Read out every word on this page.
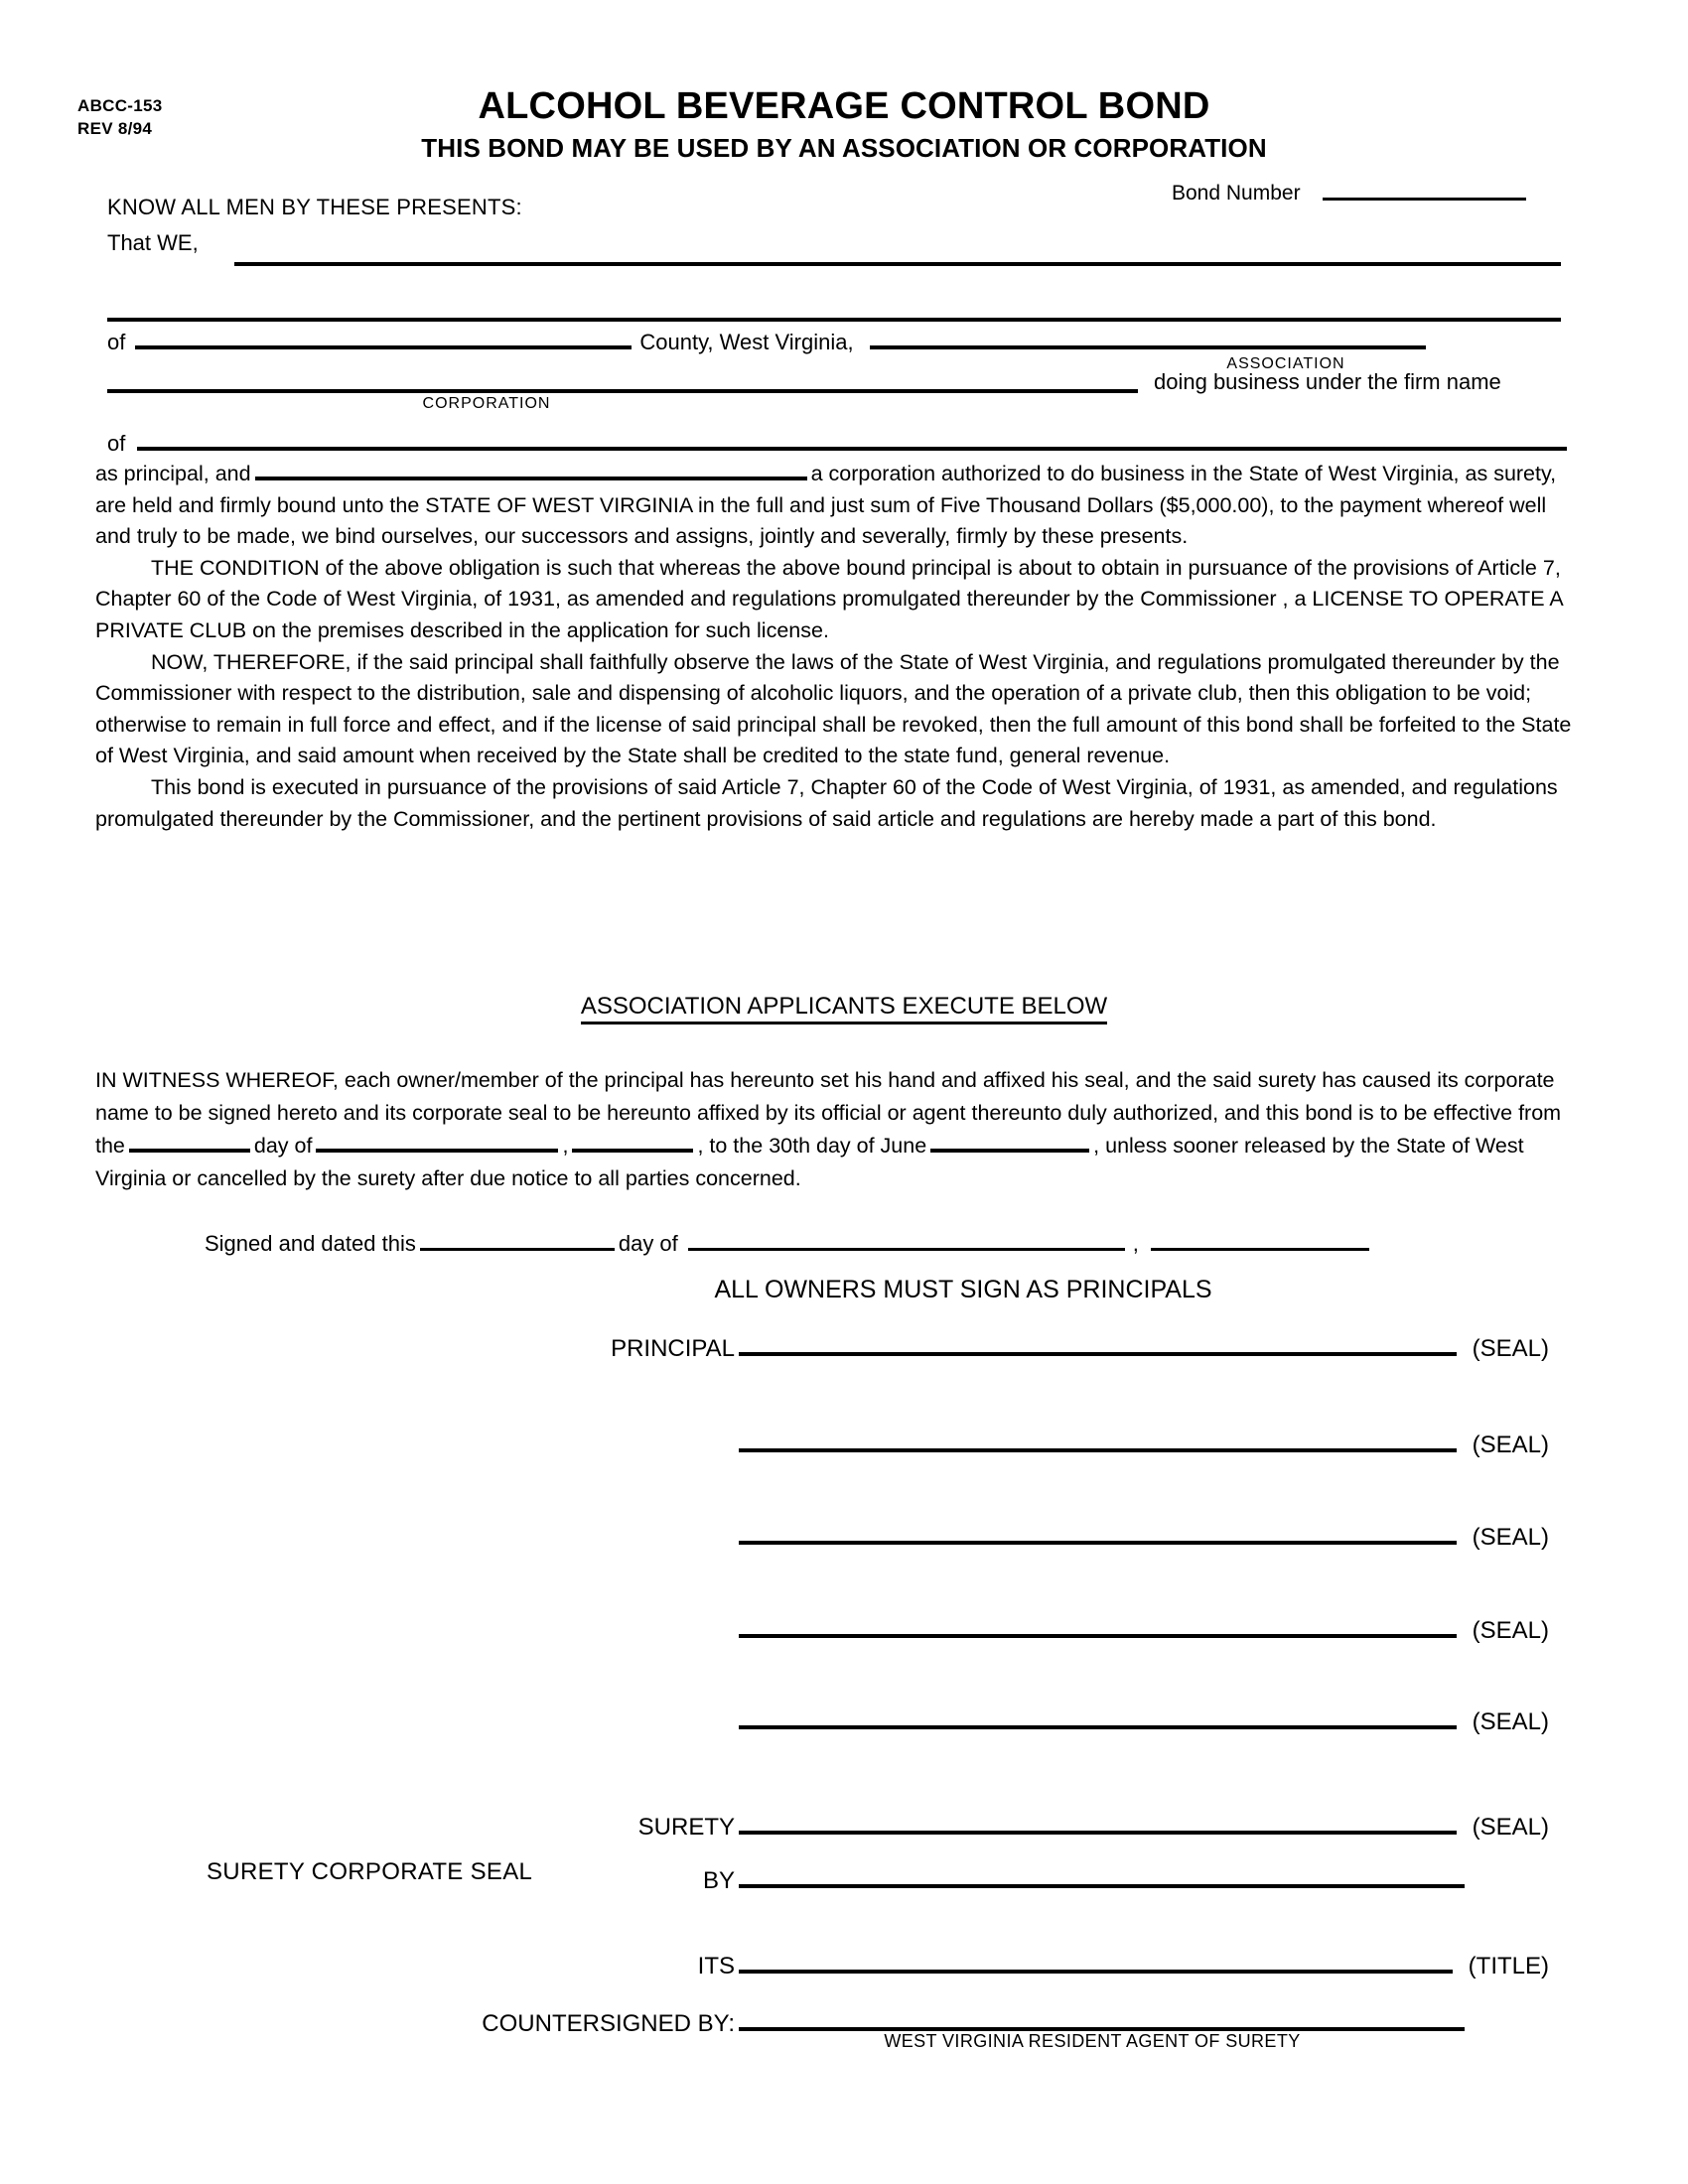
ABCC-153
REV 8/94
ALCOHOL BEVERAGE CONTROL BOND
THIS BOND MAY BE USED BY AN ASSOCIATION OR CORPORATION
Bond Number
KNOW ALL MEN BY THESE PRESENTS:
That WE,
of	County, West Virginia,
ASSOCIATION
CORPORATION
doing business under the firm name
of

as principal, and	a corporation authorized to do business in the State of West Virginia, as surety, are held and firmly bound unto the STATE OF WEST VIRGINIA in the full and just sum of Five Thousand Dollars ($5,000.00), to the payment whereof well and truly to be made, we bind ourselves, our successors and assigns, jointly and severally, firmly by these presents.

THE CONDITION of the above obligation is such that whereas the above bound principal is about to obtain in pursuance of the provisions of Article 7, Chapter 60 of the Code of West Virginia, of 1931, as amended and regulations promulgated thereunder by the Commissioner , a LICENSE TO OPERATE A PRIVATE CLUB on the premises described in the application for such license.

NOW, THEREFORE, if the said principal shall faithfully observe the laws of the State of West Virginia, and regulations promulgated thereunder by the Commissioner with respect to the distribution, sale and dispensing of alcoholic liquors, and the operation of a private club, then this obligation to be void; otherwise to remain in full force and effect, and if the license of said principal shall be revoked, then the full amount of this bond shall be forfeited to the State of West Virginia, and said amount when received by the State shall be credited to the state fund, general revenue.

This bond is executed in pursuance of the provisions of said Article 7, Chapter 60 of the Code of West Virginia, of 1931, as amended, and regulations promulgated thereunder by the Commissioner, and the pertinent provisions of said article and regulations are hereby made a part of this bond.

ASSOCIATION APPLICANTS EXECUTE BELOW

IN WITNESS WHEREOF, each owner/member of the principal has hereunto set his hand and affixed his seal, and the said surety has caused its corporate name to be signed hereto and its corporate seal to be hereunto affixed by its official or agent thereunto duly authorized, and this bond is to be effective from the	day of	,	, to the 30th day of June	, unless sooner released by the State of West Virginia or cancelled by the surety after due notice to all parties concerned.

Signed and dated this	day of	,
ALL OWNERS MUST SIGN AS PRINCIPALS
PRINCIPAL	(SEAL)
(SEAL)
(SEAL)
(SEAL)
(SEAL)
SURETY	(SEAL)
SURETY CORPORATE SEAL	BY
ITS	(TITLE)
COUNTERSIGNED BY:
WEST VIRGINIA RESIDENT AGENT OF SURETY
